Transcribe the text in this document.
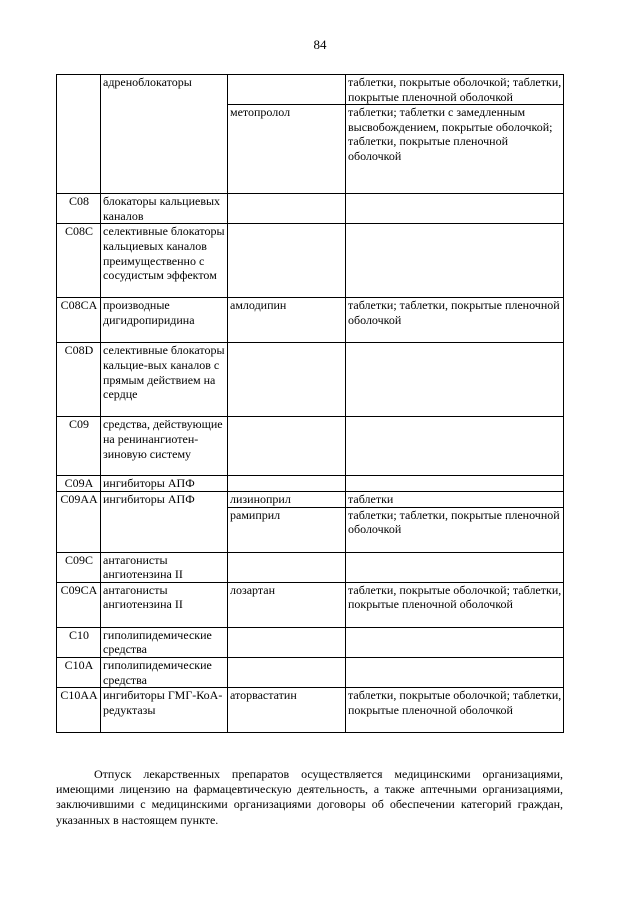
84
	адреноблокаторы		таблетки, покрытые оболочкой; таблетки, покрытые пленочной оболочкой
		метопролол	таблетки; таблетки с замедленным высвобождением, покрытые оболочкой; таблетки, покрытые пленочной оболочкой
C08	блокаторы кальциевых каналов		
C08C	селективные блокаторы кальциевых каналов преимущественно с сосудистым эффектом		
C08CA	производные дигидропиридина	амлодипин	таблетки; таблетки, покрытые пленочной оболочкой
C08D	селективные блокаторы кальцие-вых каналов с прямым действием на сердце		
C09	средства, действующие на ренинангиотен-зиновую систему		
C09A	ингибиторы АПФ		
C09AA	ингибиторы АПФ	лизиноприл	таблетки
		рамиприл	таблетки; таблетки, покрытые пленочной оболочкой
C09C	антагонисты ангиотензина II		
C09CA	антагонисты ангиотензина II	лозартан	таблетки, покрытые оболочкой; таблетки, покрытые пленочной оболочкой
C10	гиполипидемические средства		
C10A	гиполипидемические средства		
C10AA	ингибиторы ГМГ-КоА-редуктазы	аторвастатин	таблетки, покрытые оболочкой; таблетки, покрытые пленочной оболочкой

Отпуск лекарственных препаратов осуществляется медицинскими организациями, имеющими лицензию на фармацевтическую деятельность, а также аптечными организациями, заключившими с медицинскими организациями договоры об обеспечении категорий граждан, указанных в настоящем пункте.
